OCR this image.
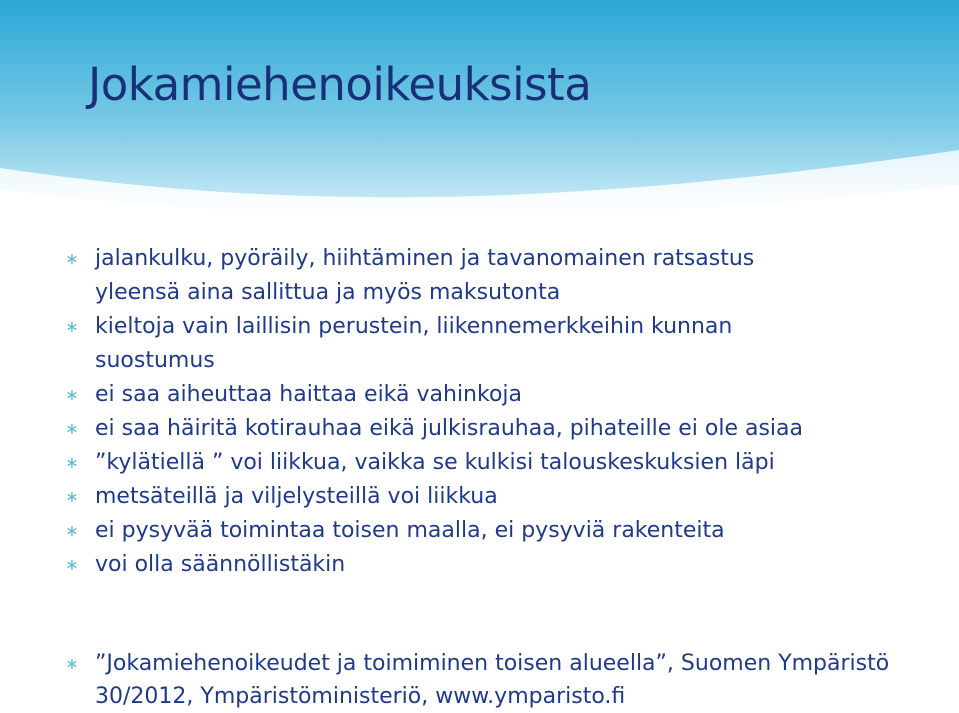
Jokamiehenoikeuksista
∗ jalankulku, pyöräily, hiihtäminen ja tavanomainen ratsastus
yleensä aina sallittua ja myös maksutonta
∗ kieltoja vain laillisin perustein, liikennemerkkeihin kunnan
suostumus
∗ ei saa aiheuttaa haittaa eikä vahinkoja
∗ ei saa häiritä kotirauhaa eikä julkisrauhaa, pihateille ei ole asiaa
∗ ”kylätiellä ” voi liikkua, vaikka se kulkisi talouskeskuksien läpi
∗ metsäteillä ja viljelysteillä voi liikkua
∗ ei pysyvää toimintaa toisen maalla, ei pysyviä rakenteita
∗ voi olla säännöllistäkin
∗ ”Jokamiehenoikeudet ja toimiminen toisen alueella”, Suomen Ympäristö
30/2012, Ympäristöministeriö, www.ymparisto.fi
